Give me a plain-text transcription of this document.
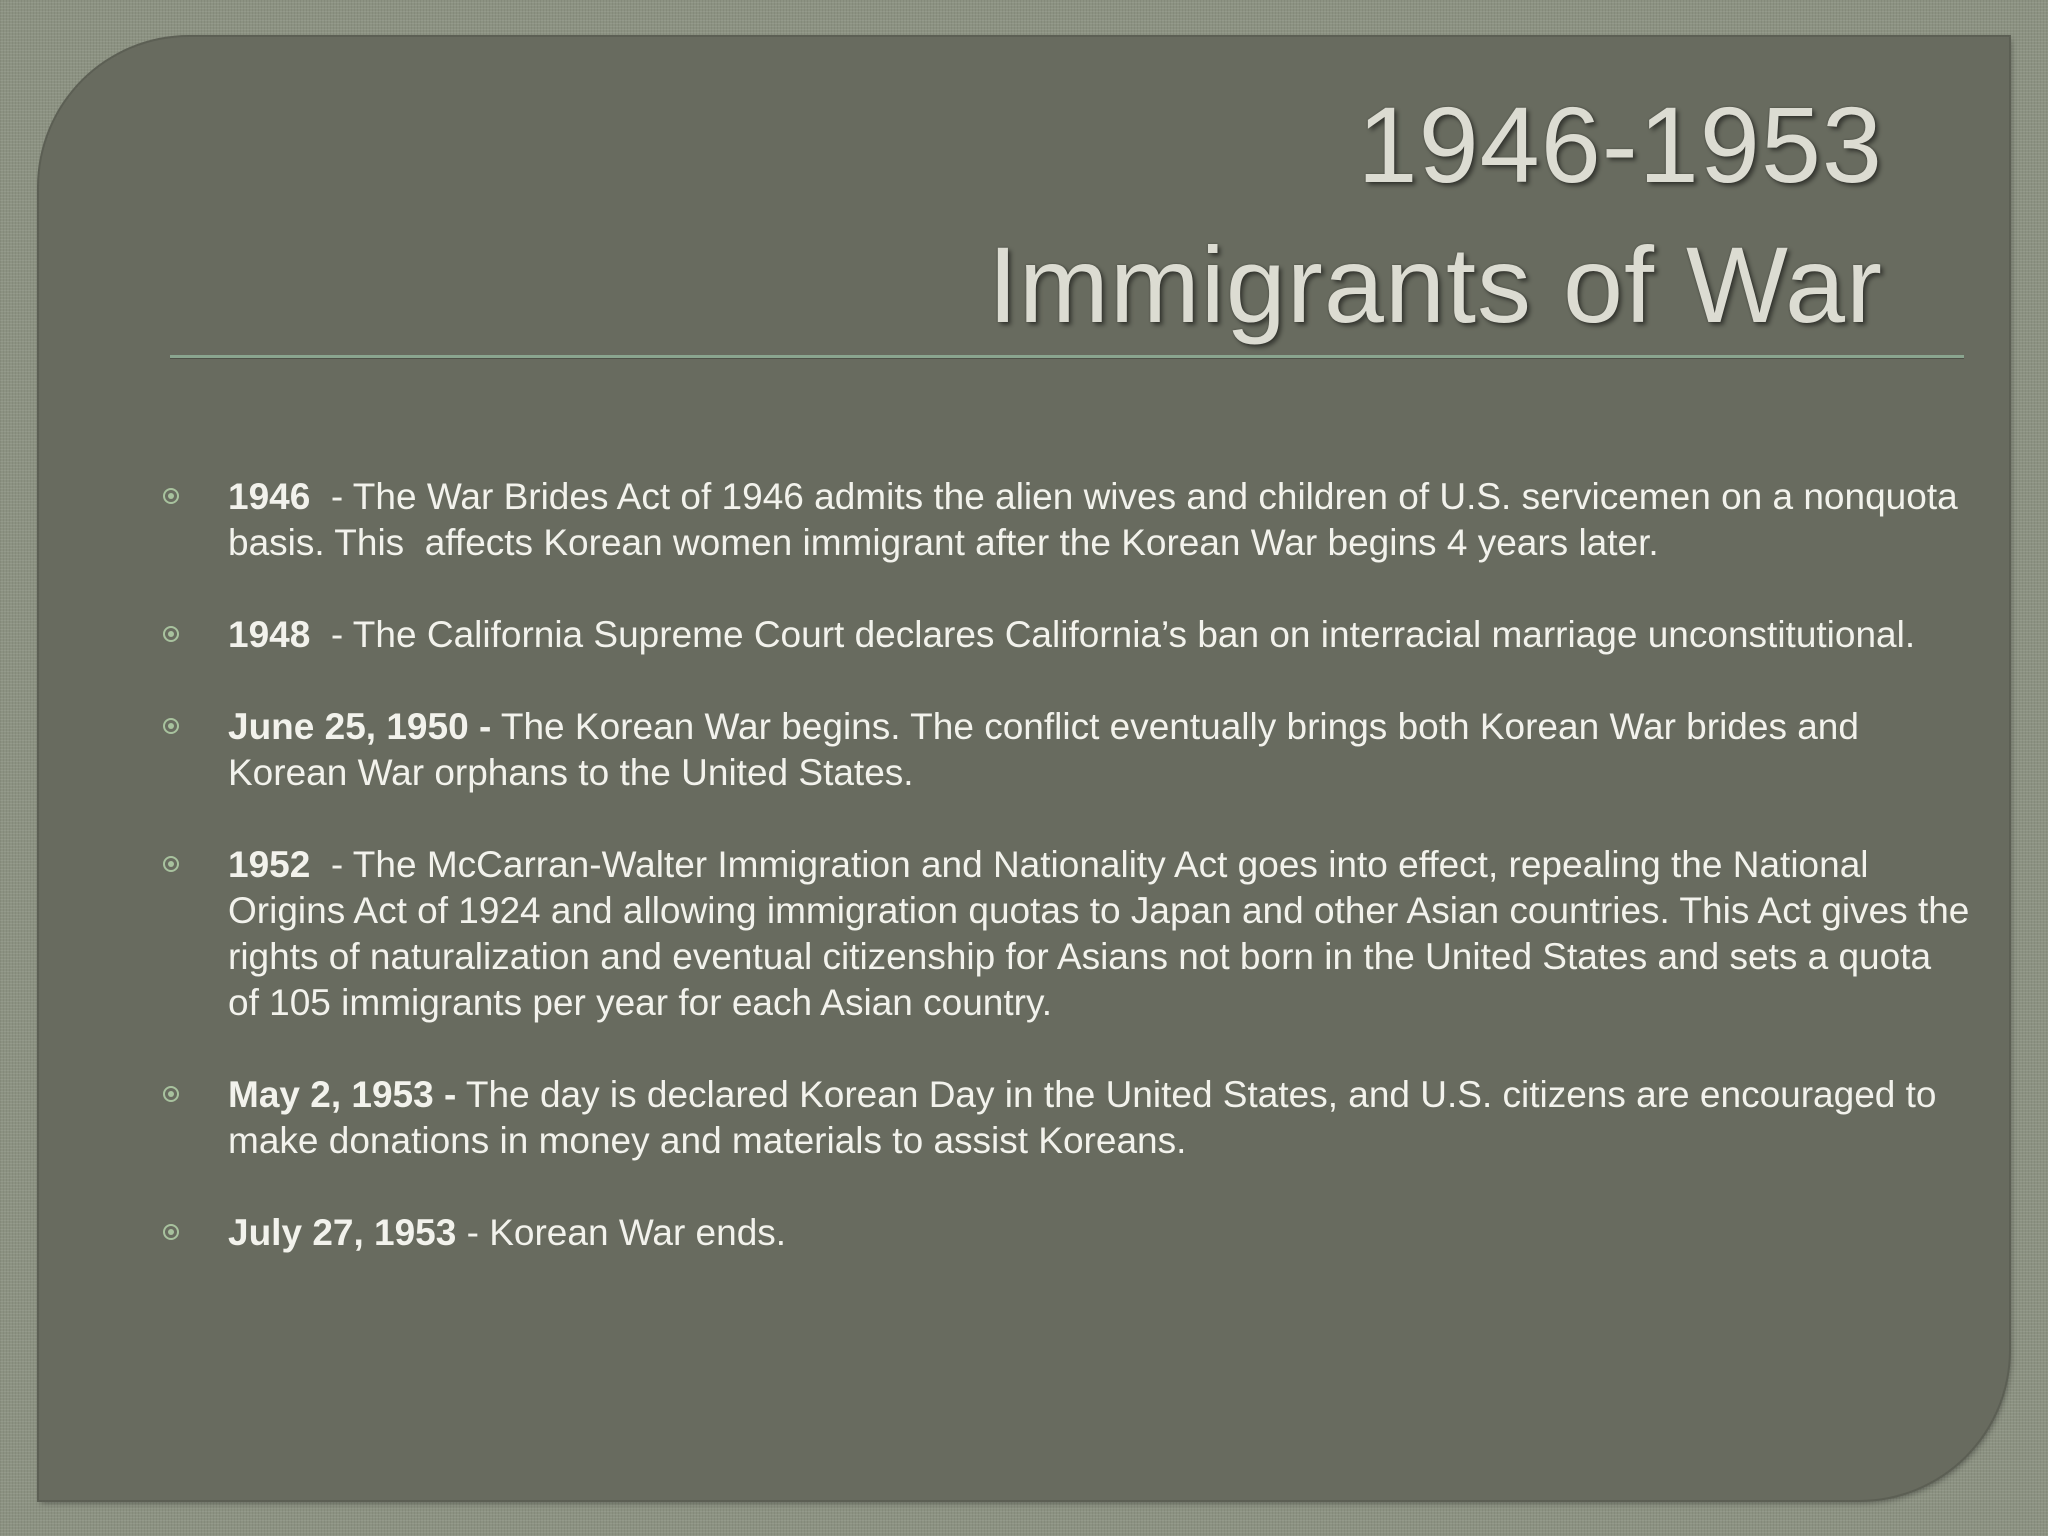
1946-1953
Immigrants of War
1946  - The War Brides Act of 1946 admits the alien wives and children of U.S. servicemen on a nonquota basis. This  affects Korean women immigrant after the Korean War begins 4 years later.
1948  - The California Supreme Court declares California’s ban on interracial marriage unconstitutional.
June 25, 1950 - The Korean War begins. The conflict eventually brings both Korean War brides and Korean War orphans to the United States.
1952  - The McCarran-Walter Immigration and Nationality Act goes into effect, repealing the National Origins Act of 1924 and allowing immigration quotas to Japan and other Asian countries. This Act gives the rights of naturalization and eventual citizenship for Asians not born in the United States and sets a quota of 105 immigrants per year for each Asian country.
May 2, 1953 - The day is declared Korean Day in the United States, and U.S. citizens are encouraged to make donations in money and materials to assist Koreans.
July 27, 1953 - Korean War ends.
